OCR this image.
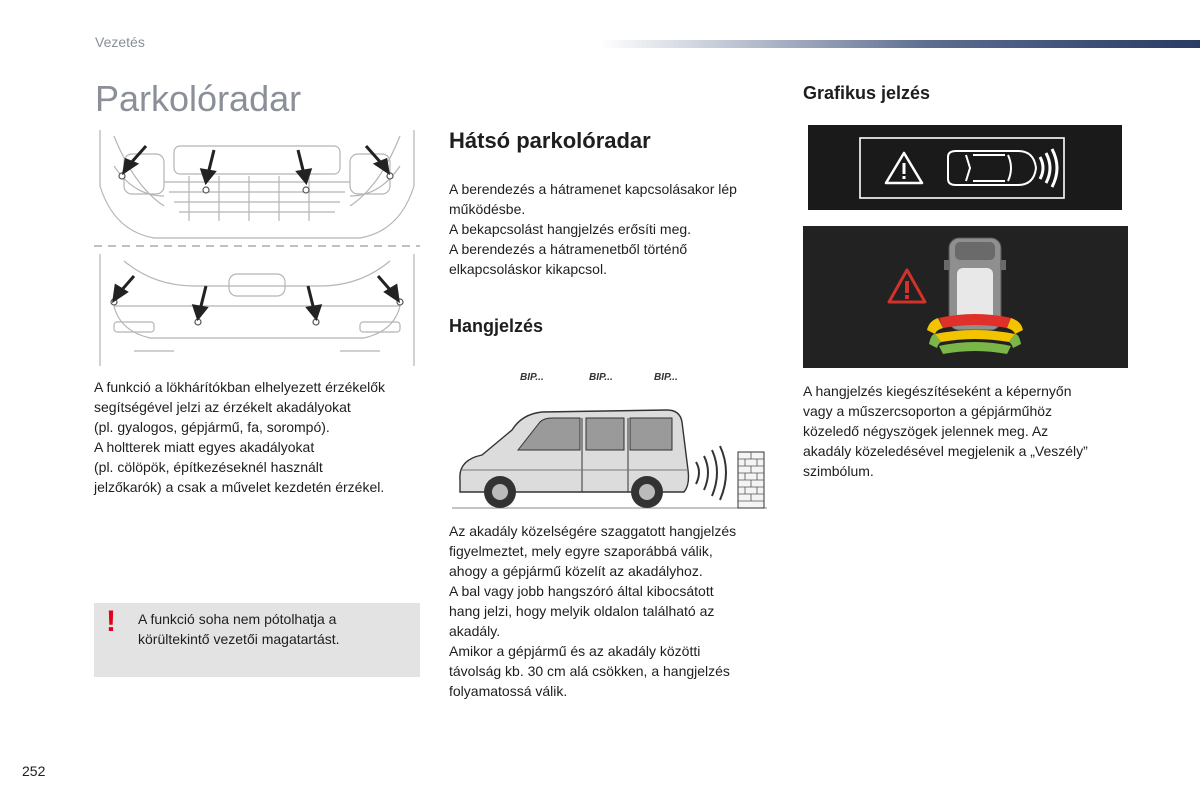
Vezetés
Parkolóradar
A funkció a lökhárítókban elhelyezett érzékelők
segítségével jelzi az érzékelt akadályokat
(pl. gyalogos, gépjármű, fa, sorompó).
A holtterek miatt egyes akadályokat
(pl. cölöpök, építkezéseknél használt
jelzőkarók) a csak a művelet kezdetén érzékel.
! A funkció soha nem pótolhatja a
körültekintő vezetői magatartást.
Hátsó parkolóradar
A berendezés a hátramenet kapcsolásakor lép
működésbe.
A bekapcsolást hangjelzés erősíti meg.
A berendezés a hátramenetből történő
elkapcsoláskor kikapcsol.
Hangjelzés
BIP...	BIP...	BIP...
Az akadály közelségére szaggatott hangjelzés
figyelmeztet, mely egyre szaporábbá válik,
ahogy a gépjármű közelít az akadályhoz.
A bal vagy jobb hangszóró által kibocsátott
hang jelzi, hogy melyik oldalon található az
akadály.
Amikor a gépjármű és az akadály közötti
távolság kb. 30 cm alá csökken, a hangjelzés
folyamatossá válik.
Grafikus jelzés
A hangjelzés kiegészítéseként a képernyőn
vagy a műszercsoporton a gépjárműhöz
közeledő négyszögek jelennek meg. Az
akadály közeledésével megjelenik a „Veszély”
szimbólum.
252
